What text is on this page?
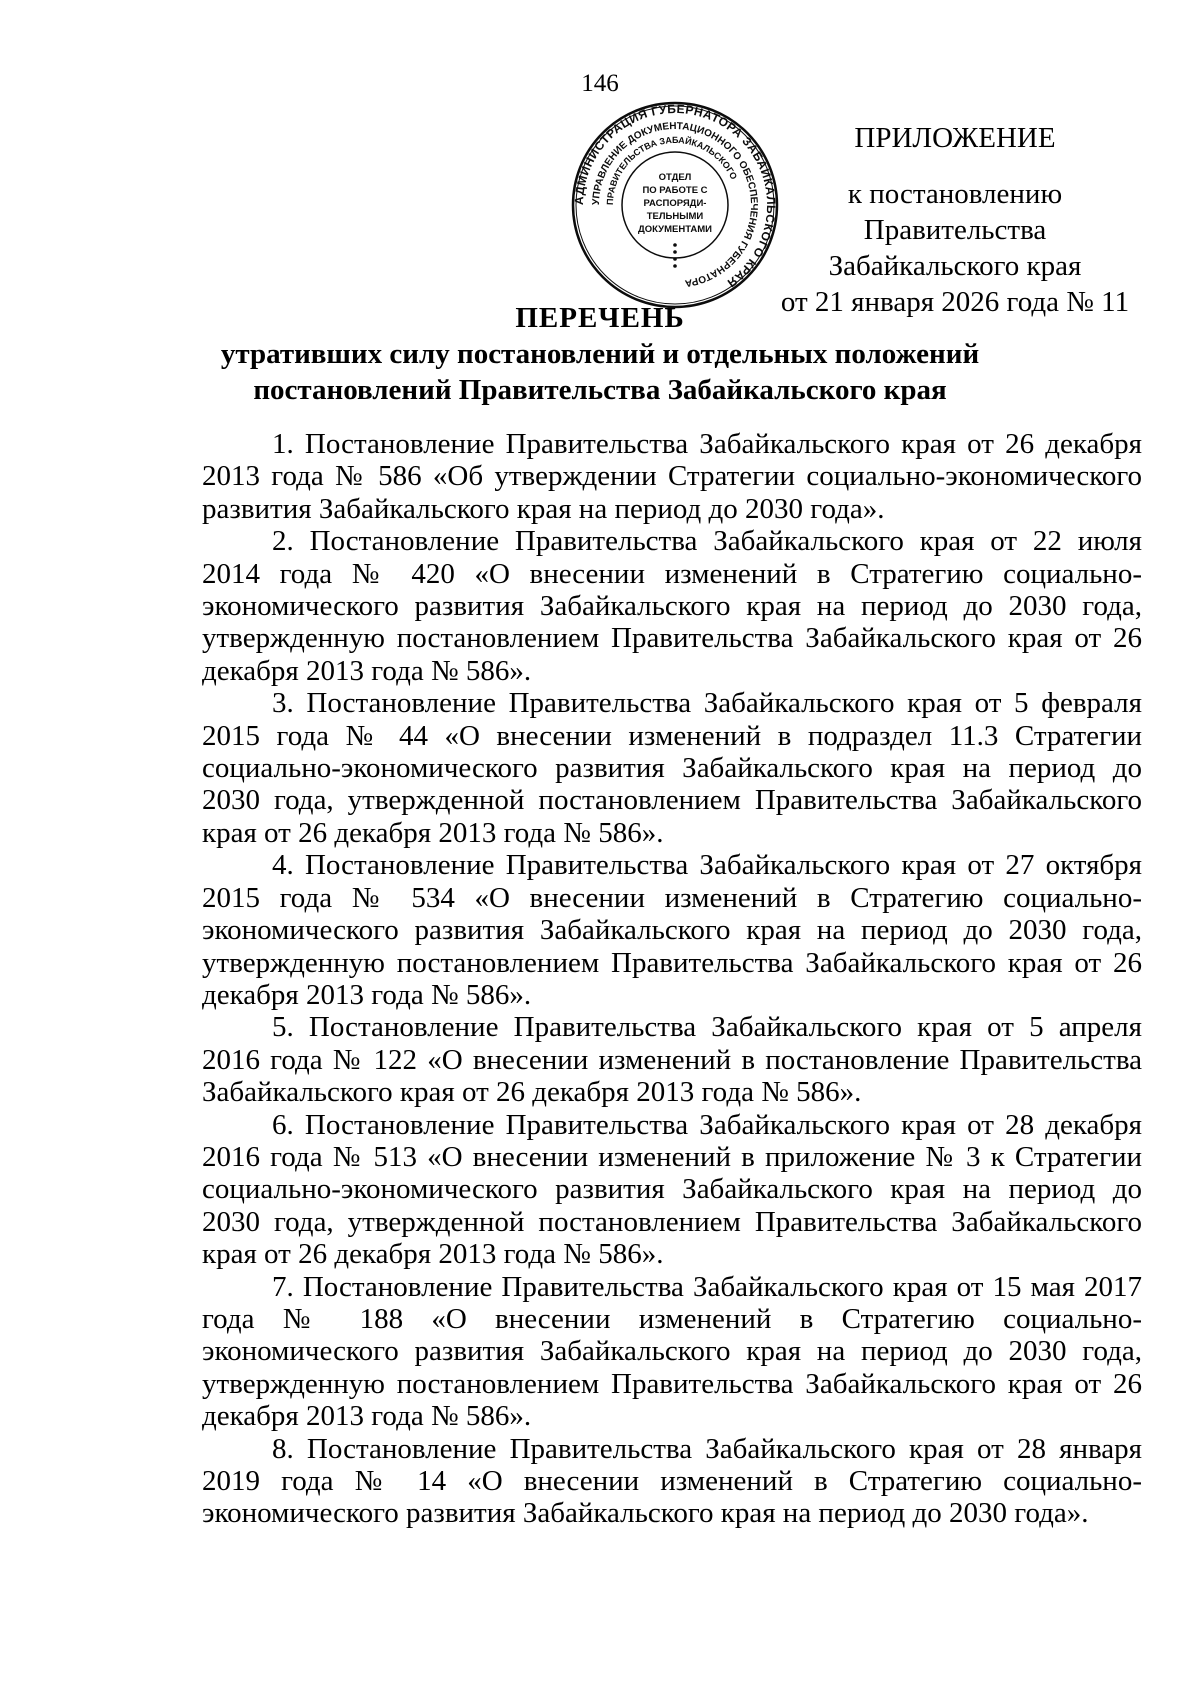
146
ПРИЛОЖЕНИЕ
к постановлению Правительства
Забайкальского края
от 21 января 2026 года № 11
АДМИНИСТРАЦИЯ ГУБЕРНАТОРА ЗАБАЙКАЛЬСКОГО КРАЯ
УПРАВЛЕНИЕ ДОКУМЕНТАЦИОННОГО ОБЕСПЕЧЕНИЯ ГУБЕРНАТОРА
ПРАВИТЕЛЬСТВА ЗАБАЙКАЛЬСКОГО
ОТДЕЛ
ПО РАБОТЕ С
РАСПОРЯДИ-
ТЕЛЬНЫМИ
ДОКУМЕНТАМИ
ПЕРЕЧЕНЬ
утративших силу постановлений и отдельных положений
постановлений Правительства Забайкальского края

1. Постановление Правительства Забайкальского края от 26 декабря 2013 года № 586 «Об утверждении Стратегии социально-экономического развития Забайкальского края на период до 2030 года».

2. Постановление Правительства Забайкальского края от 22 июля 2014 года № 420 «О внесении изменений в Стратегию социально-экономического развития Забайкальского края на период до 2030 года, утвержденную постановлением Правительства Забайкальского края от 26 декабря 2013 года № 586».

3. Постановление Правительства Забайкальского края от 5 февраля 2015 года № 44 «О внесении изменений в подраздел 11.3 Стратегии социально-экономического развития Забайкальского края на период до 2030 года, утвержденной постановлением Правительства Забайкальского края от 26 декабря 2013 года № 586».

4. Постановление Правительства Забайкальского края от 27 октября 2015 года № 534 «О внесении изменений в Стратегию социально-экономического развития Забайкальского края на период до 2030 года, утвержденную постановлением Правительства Забайкальского края от 26 декабря 2013 года № 586».

5. Постановление Правительства Забайкальского края от 5 апреля 2016 года № 122 «О внесении изменений в постановление Правительства Забайкальского края от 26 декабря 2013 года № 586».

6. Постановление Правительства Забайкальского края от 28 декабря 2016 года № 513 «О внесении изменений в приложение № 3 к Стратегии социально-экономического развития Забайкальского края на период до 2030 года, утвержденной постановлением Правительства Забайкальского края от 26 декабря 2013 года № 586».

7. Постановление Правительства Забайкальского края от 15 мая 2017 года № 188 «О внесении изменений в Стратегию социально-экономического развития Забайкальского края на период до 2030 года, утвержденную постановлением Правительства Забайкальского края от 26 декабря 2013 года № 586».

8. Постановление Правительства Забайкальского края от 28 января 2019 года № 14 «О внесении изменений в Стратегию социально-экономического развития Забайкальского края на период до 2030 года».
